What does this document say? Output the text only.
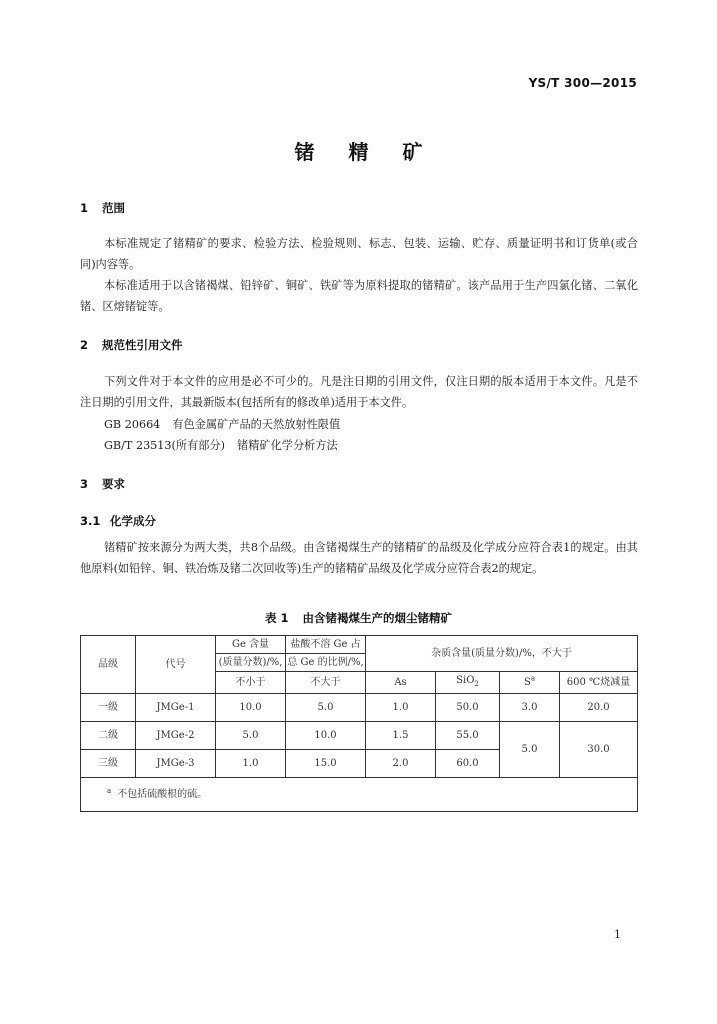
YS/T 300—2015
锗精矿
1 范围
本标准规定了锗精矿的要求、检验方法、检验规则、标志、包装、运输、贮存、质量证明书和订货单(或合同)内容等。
本标准适用于以含锗褐煤、铅锌矿、铜矿、铁矿等为原料提取的锗精矿。该产品用于生产四氯化锗、二氧化锗、区熔锗锭等。
2 规范性引用文件
下列文件对于本文件的应用是必不可少的。凡是注日期的引用文件，仅注日期的版本适用于本文件。凡是不注日期的引用文件，其最新版本(包括所有的修改单)适用于本文件。
GB 20664 有色金属矿产品的天然放射性限值
GB/T 23513(所有部分) 锗精矿化学分析方法
3 要求
3.1 化学成分
锗精矿按来源分为两大类，共8个品级。由含锗褐煤生产的锗精矿的品级及化学成分应符合表1的规定。由其他原料(如铅锌、铜、铁冶炼及锗二次回收等)生产的锗精矿品级及化学成分应符合表2的规定。
表 1 由含锗褐煤生产的烟尘锗精矿
品级	代号	Ge 含量	盐酸不溶 Ge 占	杂质含量(质量分数)/%，不大于			
		(质量分数)/%,	总 Ge 的比例/%,				
		不小于	不大于	As	SiO$_2$	$S^a$	600 ℃烧减量
一级	JMGe-1	10.0	5.0	1.0	50.0	3.0	20.0
二级	JMGe-2	5.0	10.0	1.5	55.0	5.0	30.0
三级	JMGe-3	1.0	15.0	2.0	60.0		
$^a$ 不包括硫酸根的硫。							
1
